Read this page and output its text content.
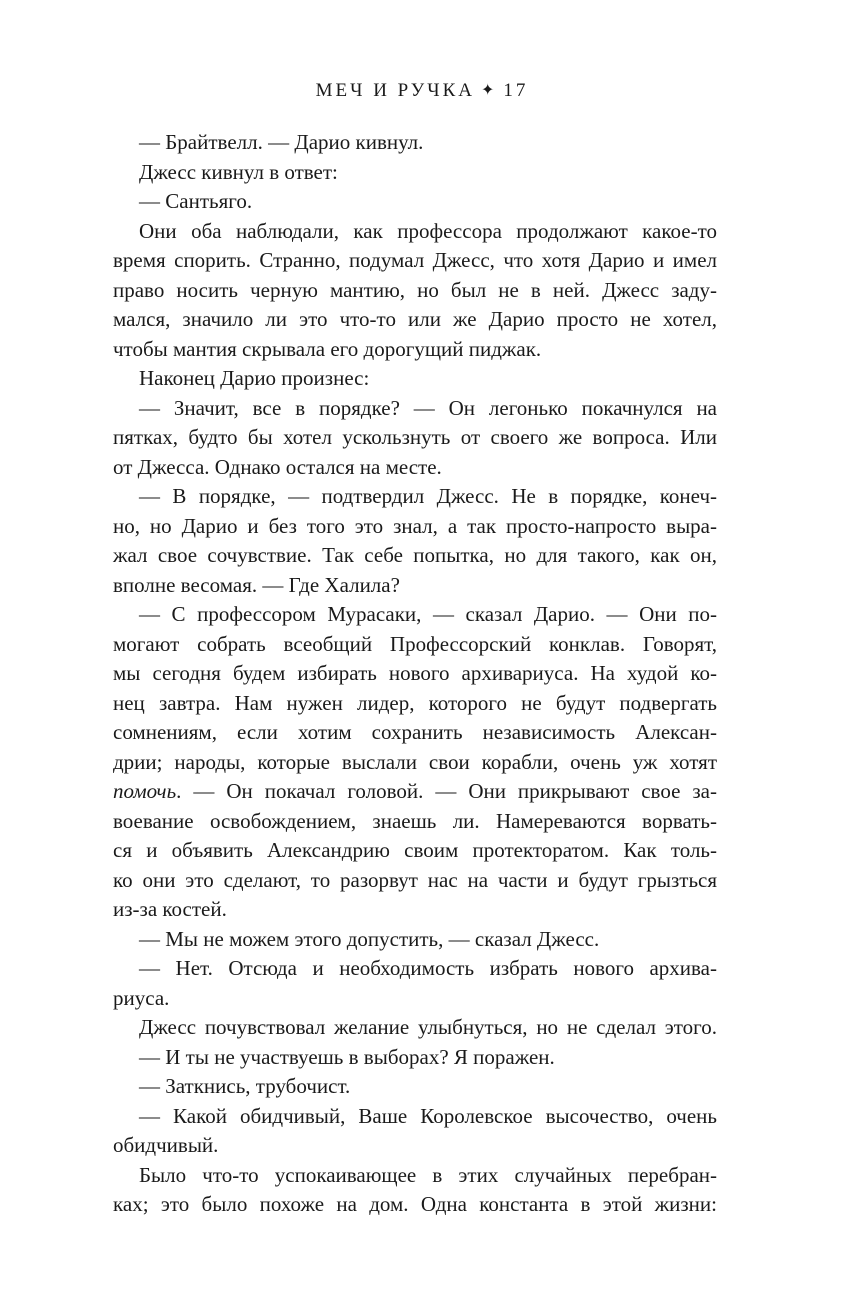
МЕЧ И РУЧКА ✦ 17
— Брайтвелл. — Дарио кивнул.
Джесс кивнул в ответ:
— Сантьяго.
Они оба наблюдали, как профессора продолжают какое-то
время спорить. Странно, подумал Джесс, что хотя Дарио и имел
право носить черную мантию, но был не в ней. Джесс заду-
мался, значило ли это что-то или же Дарио просто не хотел,
чтобы мантия скрывала его дорогущий пиджак.
Наконец Дарио произнес:
— Значит, все в порядке? — Он легонько покачнулся на
пятках, будто бы хотел ускользнуть от своего же вопроса. Или
от Джесса. Однако остался на месте.
— В порядке, — подтвердил Джесс. Не в порядке, конеч-
но, но Дарио и без того это знал, а так просто-напросто выра-
жал свое сочувствие. Так себе попытка, но для такого, как он,
вполне весомая. — Где Халила?
— С профессором Мурасаки, — сказал Дарио. — Они по-
могают собрать всеобщий Профессорский конклав. Говорят,
мы сегодня будем избирать нового архивариуса. На худой ко-
нец завтра. Нам нужен лидер, которого не будут подвергать
сомнениям, если хотим сохранить независимость Алексан-
дрии; народы, которые выслали свои корабли, очень уж хотят
помочь. — Он покачал головой. — Они прикрывают свое за-
воевание освобождением, знаешь ли. Намереваются ворвать-
ся и объявить Александрию своим протекторатом. Как толь-
ко они это сделают, то разорвут нас на части и будут грызться
из-за костей.
— Мы не можем этого допустить, — сказал Джесс.
— Нет. Отсюда и необходимость избрать нового архива-
риуса.
Джесс почувствовал желание улыбнуться, но не сделал этого.
— И ты не участвуешь в выборах? Я поражен.
— Заткнись, трубочист.
— Какой обидчивый, Ваше Королевское высочество, очень
обидчивый.
Было что-то успокаивающее в этих случайных перебран-
ках; это было похоже на дом. Одна константа в этой жизни:
